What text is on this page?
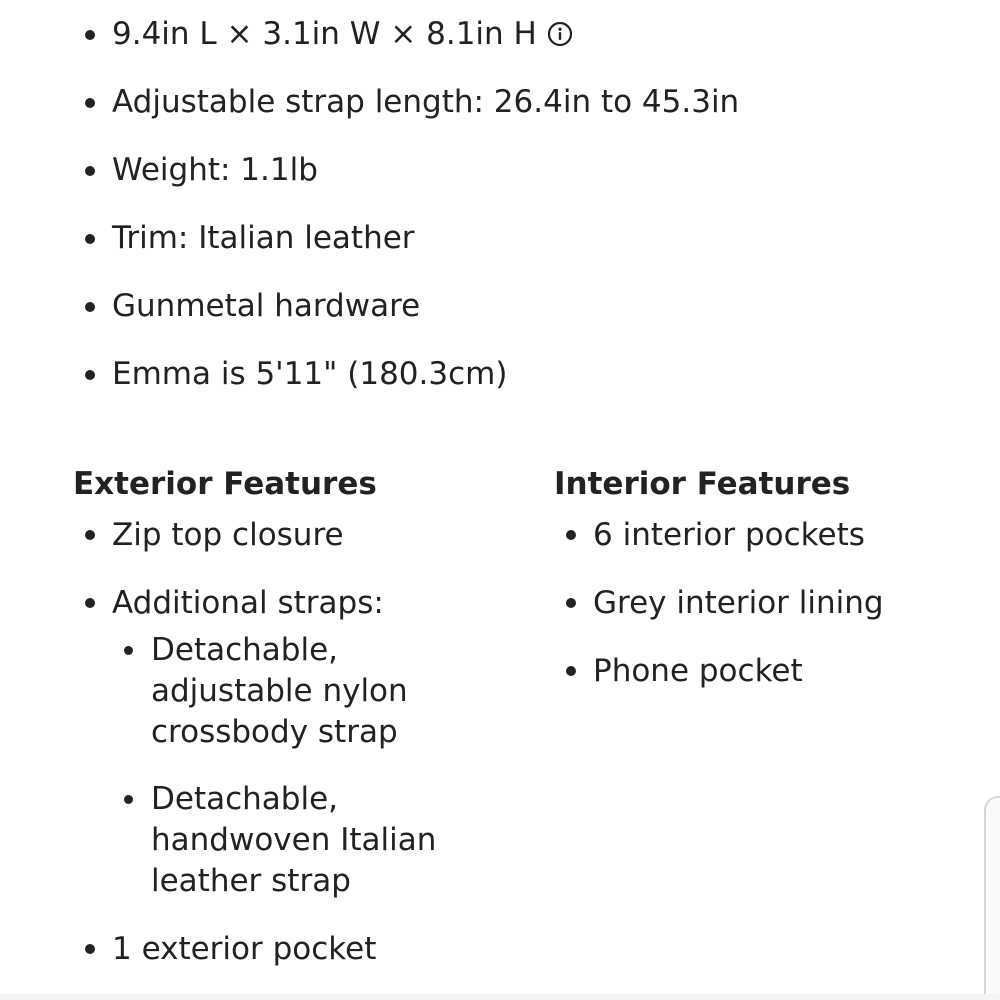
9.4in L × 3.1in W × 8.1in H
Adjustable strap length: 26.4in to 45.3in
Weight: 1.1lb
Trim: Italian leather
Gunmetal hardware
Emma is 5'11" (180.3cm)
Exterior Features
Zip top closure
Additional straps:
Detachable, adjustable nylon crossbody strap
Detachable, handwoven Italian leather strap
1 exterior pocket
Interior Features
6 interior pockets
Grey interior lining
Phone pocket
